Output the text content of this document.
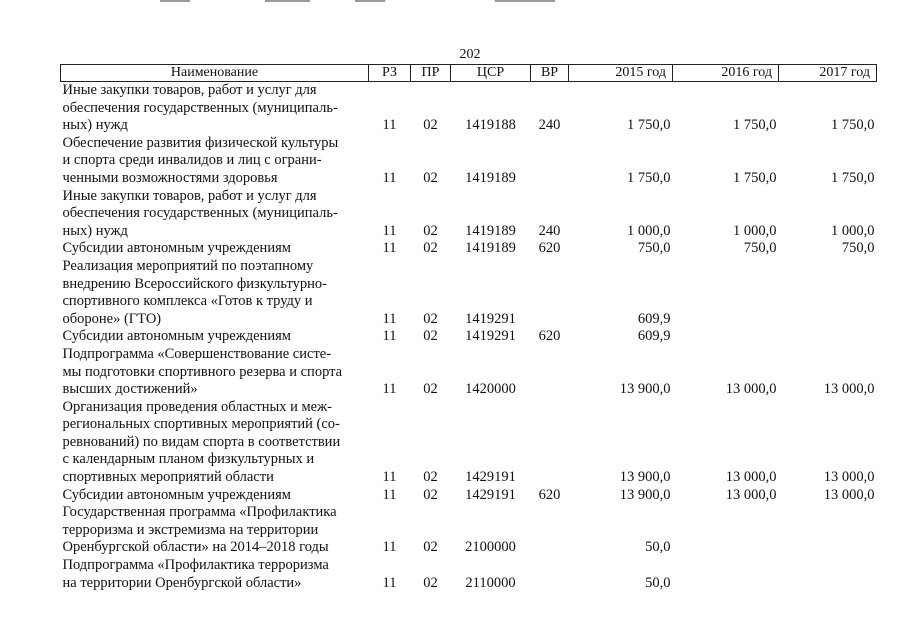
202
Наименование	РЗ	ПР	ЦСР	ВР	2015 год	2016 год	2017 год

Иные закупки товаров, работ и услуг для
обеспечения государственных (муниципаль-
ных) нужд	11	02	1419188	240	1 750,0	1 750,0	1 750,0

Обеспечение развития физической культуры
и спорта среди инвалидов и лиц с ограни-
ченными возможностями здоровья	11	02	1419189		1 750,0	1 750,0	1 750,0

Иные закупки товаров, работ и услуг для
обеспечения государственных (муниципаль-
ных) нужд	11	02	1419189	240	1 000,0	1 000,0	1 000,0

Субсидии автономным учреждениям	11	02	1419189	620	750,0	750,0	750,0

Реализация мероприятий по поэтапному
внедрению Всероссийского физкультурно-
спортивного комплекса «Готов к труду и
обороне» (ГТО)	11	02	1419291		609,9		

Субсидии автономным учреждениям	11	02	1419291	620	609,9		

Подпрограмма «Совершенствование систе-
мы подготовки спортивного резерва и спорта
высших достижений»	11	02	1420000		13 900,0	13 000,0	13 000,0

Организация проведения областных и меж-
региональных спортивных мероприятий (со-
ревнований) по видам спорта в соответствии
с календарным планом физкультурных и
спортивных мероприятий области	11	02	1429191		13 900,0	13 000,0	13 000,0

Субсидии автономным учреждениям	11	02	1429191	620	13 900,0	13 000,0	13 000,0

Государственная программа «Профилактика
терроризма и экстремизма на территории
Оренбургской области» на 2014–2018 годы	11	02	2100000		50,0		

Подпрограмма «Профилактика терроризма
на территории Оренбургской области»	11	02	2110000		50,0		
